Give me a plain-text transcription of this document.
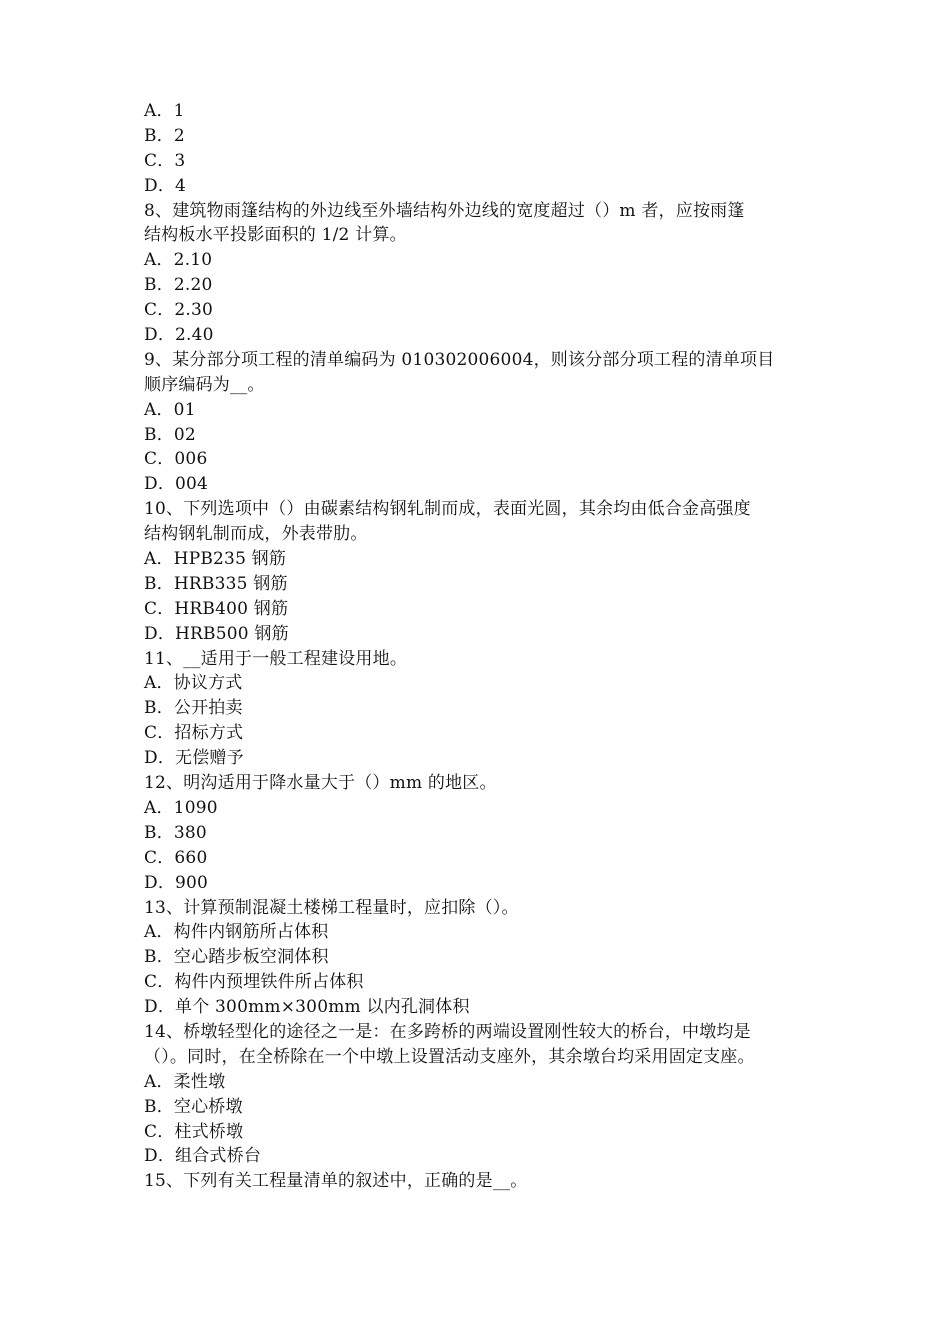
A．1
B．2
C．3
D．4
8、建筑物雨篷结构的外边线至外墙结构外边线的宽度超过（）m 者，应按雨篷
结构板水平投影面积的 1/2 计算。
A．2.10
B．2.20
C．2.30
D．2.40
9、某分部分项工程的清单编码为 010302006004，则该分部分项工程的清单项目
顺序编码为__。
A．01
B．02
C．006
D．004
10、下列选项中（）由碳素结构钢轧制而成，表面光圆，其余均由低合金高强度
结构钢轧制而成，外表带肋。
A．HPB235 钢筋
B．HRB335 钢筋
C．HRB400 钢筋
D．HRB500 钢筋
11、__适用于一般工程建设用地。
A．协议方式
B．公开拍卖
C．招标方式
D．无偿赠予
12、明沟适用于降水量大于（）mm 的地区。
A．1090
B．380
C．660
D．900
13、计算预制混凝土楼梯工程量时，应扣除（）。
A．构件内钢筋所占体积
B．空心踏步板空洞体积
C．构件内预埋铁件所占体积
D．单个 300mm×300mm 以内孔洞体积
14、桥墩轻型化的途径之一是：在多跨桥的两端设置刚性较大的桥台，中墩均是
（）。同时，在全桥除在一个中墩上设置活动支座外，其余墩台均采用固定支座。
A．柔性墩
B．空心桥墩
C．柱式桥墩
D．组合式桥台
15、下列有关工程量清单的叙述中，正确的是__。
